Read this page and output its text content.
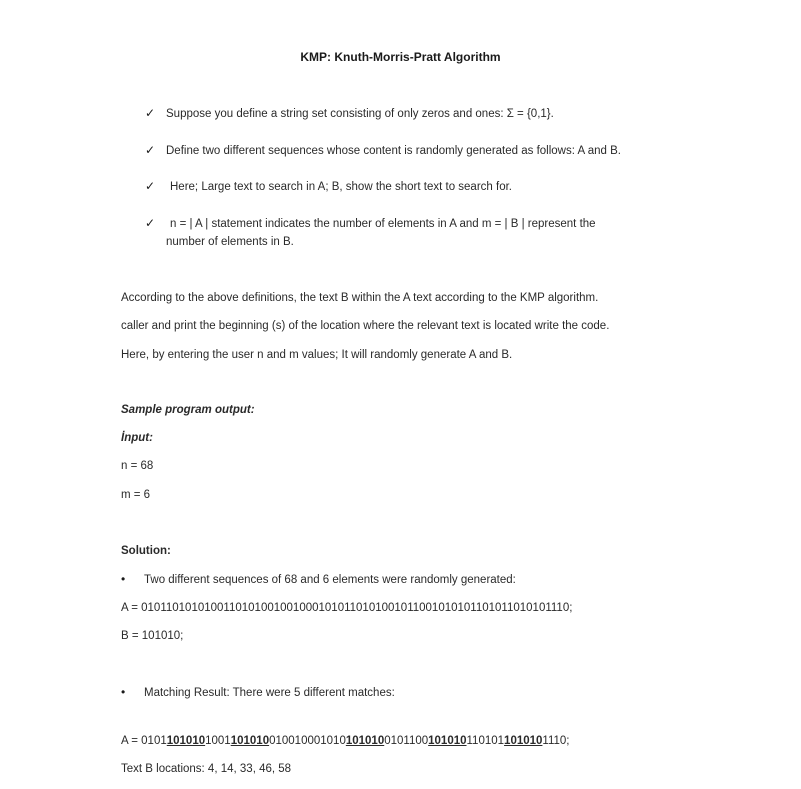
KMP: Knuth-Morris-Pratt Algorithm
✓ Suppose you define a string set consisting of only zeros and ones: Σ = {0,1}.
✓ Define two different sequences whose content is randomly generated as follows: A and B.
✓ Here; Large text to search in A; B, show the short text to search for.
✓ n = | A | statement indicates the number of elements in A and m = | B | represent the
number of elements in B.
According to the above definitions, the text B within the A text according to the KMP algorithm.
caller and print the beginning (s) of the location where the relevant text is located write the code.
Here, by entering the user n and m values; It will randomly generate A and B.
Sample program output:
İnput:
n = 68
m = 6
Solution:
• Two different sequences of 68 and 6 elements were randomly generated:
A = 01011010101001101010010010001010110101001011001010101101011010101110;
B = 101010;
• Matching Result: There were 5 different matches:
A = 0101101010100110101001001000101010101001011001010101101011010101110;
Text B locations: 4, 14, 33, 46, 58
